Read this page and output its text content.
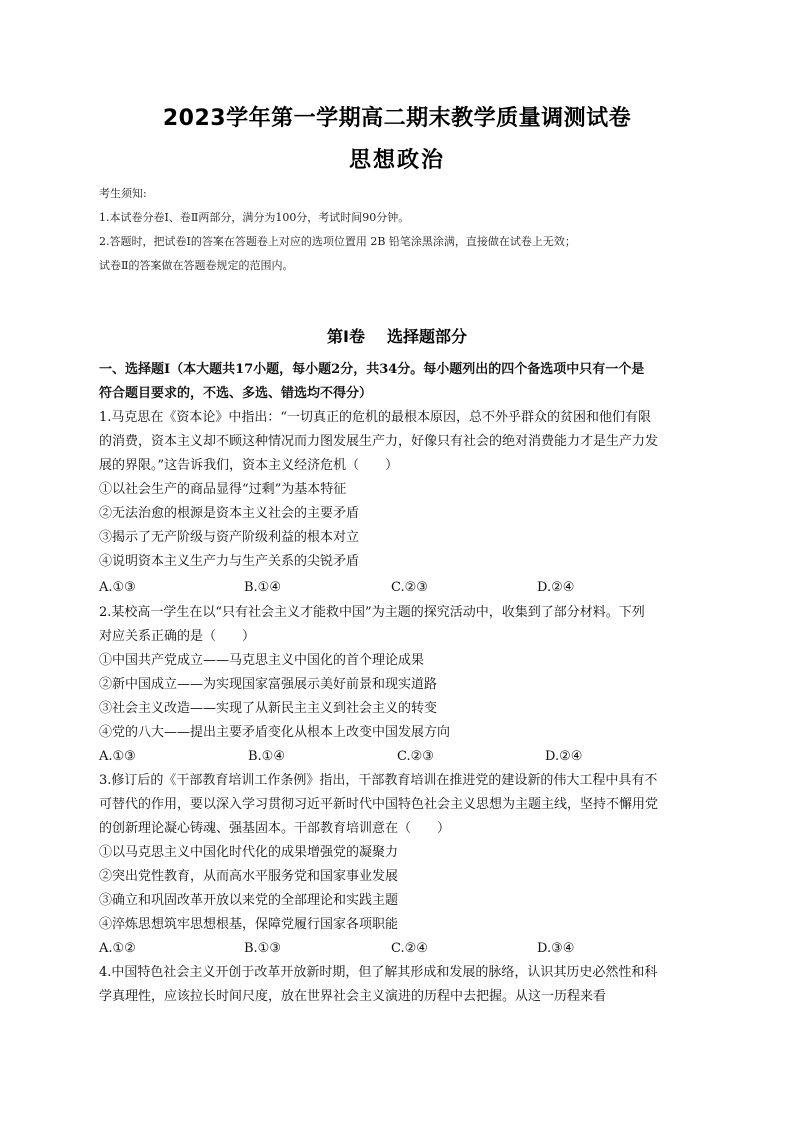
2023学年第一学期高二期末教学质量调测试卷
思想政治
考生须知:
1.本试卷分卷Ⅰ、卷Ⅱ两部分，满分为100分，考试时间90分钟。
2.答题时，把试卷Ⅰ的答案在答题卷上对应的选项位置用 2B 铅笔涂黑涂满，直接做在试卷上无效；
试卷Ⅱ的答案做在答题卷规定的范围内。
第Ⅰ卷 选择题部分
一、选择题Ⅰ（本大题共17小题，每小题2分，共34分。每小题列出的四个备选项中只有一个是
符合题目要求的，不选、多选、错选均不得分）
1.马克思在《资本论》中指出：“一切真正的危机的最根本原因，总不外乎群众的贫困和他们有限
的消费，资本主义却不顾这种情况而力图发展生产力，好像只有社会的绝对消费能力才是生产力发
展的界限。”这告诉我们，资本主义经济危机（　　）
①以社会生产的商品显得“过剩”为基本特征
②无法治愈的根源是资本主义社会的主要矛盾
③揭示了无产阶级与资产阶级利益的根本对立
④说明资本主义生产力与生产关系的尖锐矛盾
A.①③	B.①④	C.②③	D.②④
2.某校高一学生在以“只有社会主义才能救中国”为主题的探究活动中，收集到了部分材料。下列
对应关系正确的是（　　）
①中国共产党成立——马克思主义中国化的首个理论成果
②新中国成立——为实现国家富强展示美好前景和现实道路
③社会主义改造——实现了从新民主主义到社会主义的转变
④党的八大——提出主要矛盾变化从根本上改变中国发展方向
A.①③	B.①④	C.②③	D.②④
3.修订后的《干部教育培训工作条例》指出，干部教育培训在推进党的建设新的伟大工程中具有不
可替代的作用，要以深入学习贯彻习近平新时代中国特色社会主义思想为主题主线，坚持不懈用党
的创新理论凝心铸魂、强基固本。干部教育培训意在（　　）
①以马克思主义中国化时代化的成果增强党的凝聚力
②突出党性教育，从而高水平服务党和国家事业发展
③确立和巩固改革开放以来党的全部理论和实践主题
④淬炼思想筑牢思想根基，保障党履行国家各项职能
A.①②	B.①③	C.②④	D.③④
4.中国特色社会主义开创于改革开放新时期，但了解其形成和发展的脉络，认识其历史必然性和科
学真理性，应该拉长时间尺度，放在世界社会主义演进的历程中去把握。从这一历程来看
